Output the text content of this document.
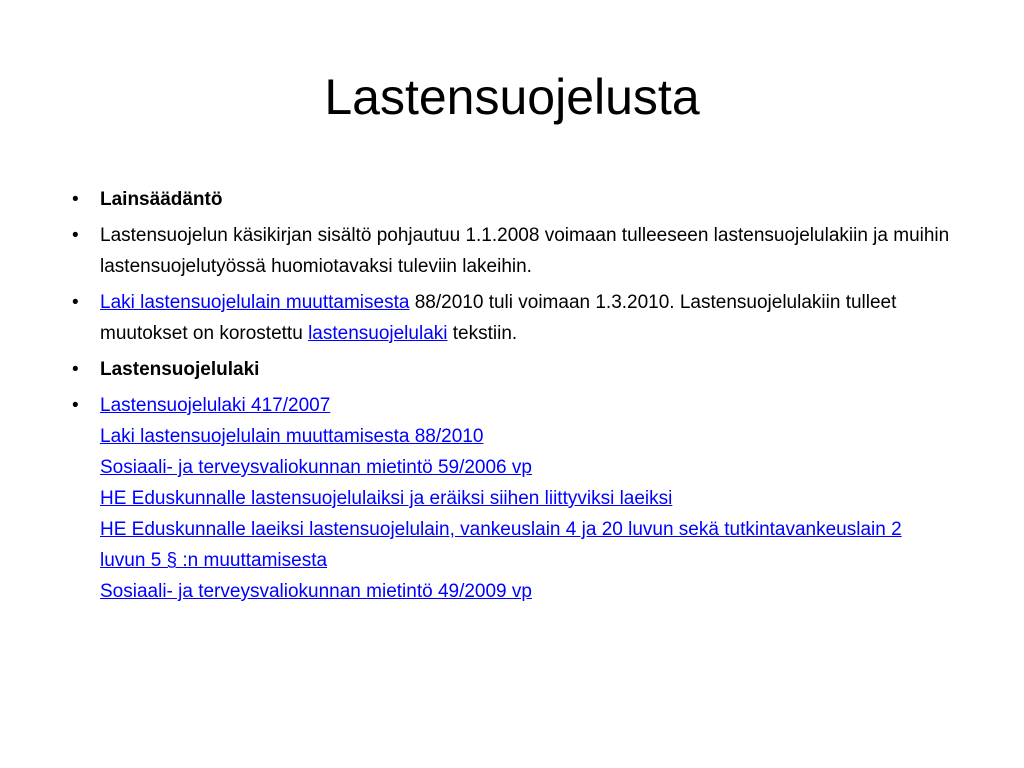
Lastensuojelusta
•	Lainsäädäntö
•	Lastensuojelun käsikirjan sisältö pohjautuu 1.1.2008 voimaan tulleeseen lastensuojelulakiin ja muihin lastensuojelutyössä huomiotavaksi tuleviin lakeihin.
•	Laki lastensuojelulain muuttamisesta 88/2010 tuli voimaan 1.3.2010. Lastensuojelulakiin tulleet muutokset on korostettu lastensuojelulaki tekstiin.
•	Lastensuojelulaki
•	Lastensuojelulaki 417/2007
Laki lastensuojelulain muuttamisesta 88/2010
Sosiaali- ja terveysvaliokunnan mietintö 59/2006 vp
HE Eduskunnalle lastensuojelulaiksi ja eräiksi siihen liittyviksi laeiksi
HE Eduskunnalle laeiksi lastensuojelulain, vankeuslain 4 ja 20 luvun sekä tutkintavankeuslain 2 luvun 5 § :n muuttamisesta
Sosiaali- ja terveysvaliokunnan mietintö 49/2009 vp
